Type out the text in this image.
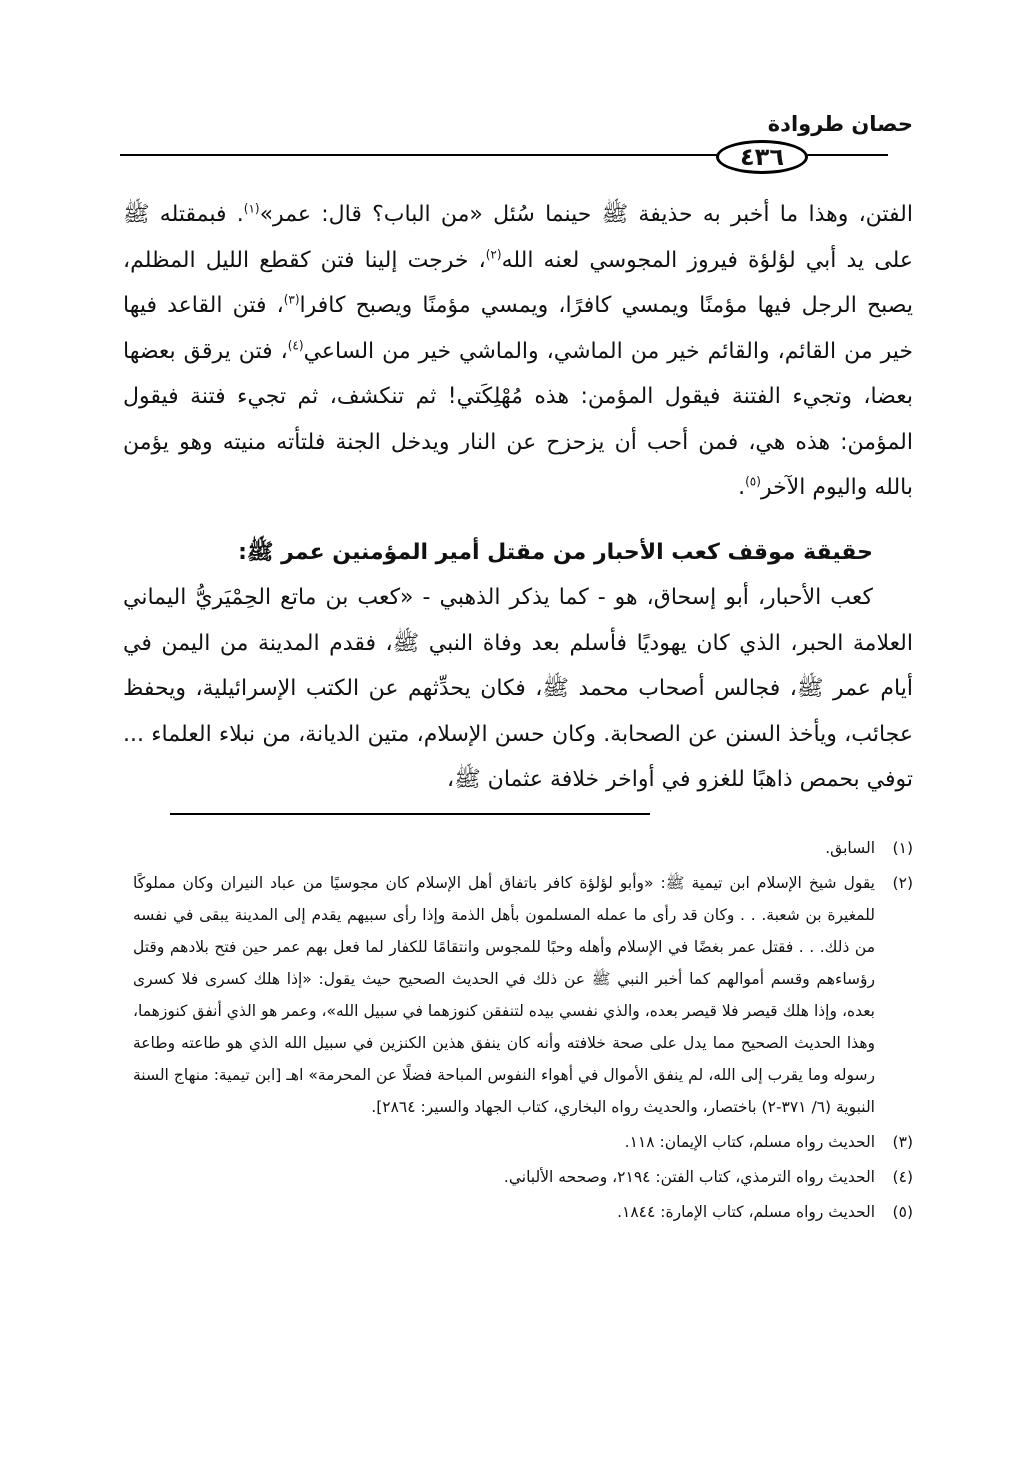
حصان طروادة
٤٣٦

الفتن، وهذا ما أخبر به حذيفة ﷺ حينما سُئل «من الباب؟ قال: عمر»$^{(١)}$. فبمقتله ﷺ على يد أبي لؤلؤة فيروز المجوسي لعنه الله$^{(٢)}$، خرجت إلينا فتن كقطع الليل المظلم، يصبح الرجل فيها مؤمنًا ويمسي كافرًا، ويمسي مؤمنًا ويصبح كافرا$^{(٣)}$، فتن القاعد فيها خير من القائم، والقائم خير من الماشي، والماشي خير من الساعي$^{(٤)}$، فتن يرقق بعضها بعضا، وتجيء الفتنة فيقول المؤمن: هذه مُهْلِكَتي! ثم تنكشف، ثم تجيء فتنة فيقول المؤمن: هذه هي، فمن أحب أن يزحزح عن النار ويدخل الجنة فلتأته منيته وهو يؤمن بالله واليوم الآخر$^{(٥)}$.

حقيقة موقف كعب الأحبار من مقتل أمير المؤمنين عمر ﷺ:

كعب الأحبار، أبو إسحاق، هو - كما يذكر الذهبي - «كعب بن ماتع الحِمْيَريُّ اليماني العلامة الحبر، الذي كان يهوديًا فأسلم بعد وفاة النبي ﷺ، فقدم المدينة من اليمن في أيام عمر ﷺ، فجالس أصحاب محمد ﷺ، فكان يحدِّثهم عن الكتب الإسرائيلية، ويحفظ عجائب، ويأخذ السنن عن الصحابة. وكان حسن الإسلام، متين الديانة، من نبلاء العلماء ... توفي بحمص ذاهبًا للغزو في أواخر خلافة عثمان ﷺ،

(١)
السابق.
(٢)
يقول شيخ الإسلام ابن تيمية ﷺ: «وأبو لؤلؤة كافر باتفاق أهل الإسلام كان مجوسيًا من عباد النيران وكان مملوكًا للمغيرة بن شعبة. . . وكان قد رأى ما عمله المسلمون بأهل الذمة وإذا رأى سبيهم يقدم إلى المدينة يبقى في نفسه من ذلك. . . فقتل عمر بغضًا في الإسلام وأهله وحبًا للمجوس وانتقامًا للكفار لما فعل بهم عمر حين فتح بلادهم وقتل رؤساءهم وقسم أموالهم كما أخبر النبي ﷺ عن ذلك في الحديث الصحيح حيث يقول: «إذا هلك كسرى فلا كسرى بعده، وإذا هلك قيصر فلا قيصر بعده، والذي نفسي بيده لتنفقن كنوزهما في سبيل الله»، وعمر هو الذي أنفق كنوزهما، وهذا الحديث الصحيح مما يدل على صحة خلافته وأنه كان ينفق هذين الكنزين في سبيل الله الذي هو طاعته وطاعة رسوله وما يقرب إلى الله، لم ينفق الأموال في أهواء النفوس المباحة فضلًا عن المحرمة» اهـ [ابن تيمية: منهاج السنة النبوية (٦/ ٣٧١-٢) باختصار، والحديث رواه البخاري، كتاب الجهاد والسير: ٢٨٦٤].
(٣)
الحديث رواه مسلم، كتاب الإيمان: ١١٨.
(٤)
الحديث رواه الترمذي، كتاب الفتن: ٢١٩٤، وصححه الألباني.
(٥)
الحديث رواه مسلم، كتاب الإمارة: ١٨٤٤.
